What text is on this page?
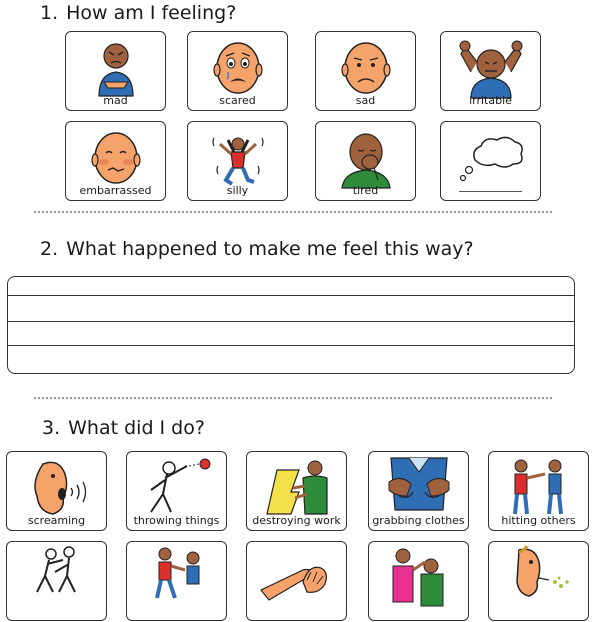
1. How am I feeling?
mad	scared	sad	irritable
embarrassed	silly	tired
2. What happened to make me feel this way?
3. What did I do?
screaming	throwing things	destroying work	grabbing clothes	hitting others
